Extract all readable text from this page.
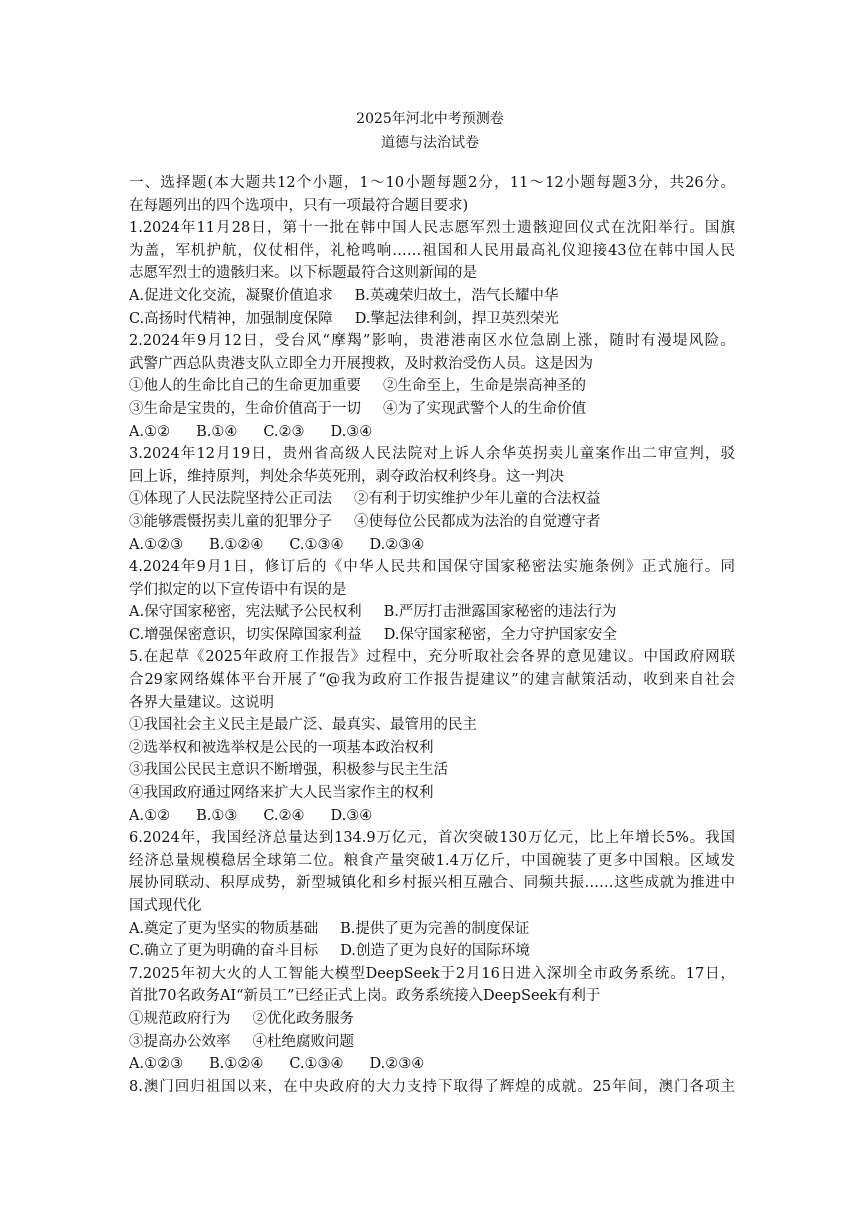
2025年河北中考预测卷
道德与法治试卷
一、选择题(本大题共12个小题，1～10小题每题2分，11～12小题每题3分，共26分。
在每题列出的四个选项中，只有一项最符合题目要求)
1.2024年11月28日，第十一批在韩中国人民志愿军烈士遗骸迎回仪式在沈阳举行。国旗
为盖，军机护航，仪仗相伴，礼枪鸣响……祖国和人民用最高礼仪迎接43位在韩中国人民
志愿军烈士的遗骸归来。以下标题最符合这则新闻的是
A.促进文化交流，凝聚价值追求 B.英魂荣归故土，浩气长耀中华
C.高扬时代精神，加强制度保障 D.擎起法律利剑，捍卫英烈荣光
2.2024年9月12日，受台风“摩羯”影响，贵港港南区水位急剧上涨，随时有漫堤风险。
武警广西总队贵港支队立即全力开展搜救，及时救治受伤人员。这是因为
①他人的生命比自己的生命更加重要 ②生命至上，生命是崇高神圣的
③生命是宝贵的，生命价值高于一切 ④为了实现武警个人的生命价值
A.①② B.①④ C.②③ D.③④
3.2024年12月19日，贵州省高级人民法院对上诉人余华英拐卖儿童案作出二审宣判，驳
回上诉，维持原判，判处余华英死刑，剥夺政治权利终身。这一判决
①体现了人民法院坚持公正司法 ②有利于切实维护少年儿童的合法权益
③能够震慑拐卖儿童的犯罪分子 ④使每位公民都成为法治的自觉遵守者
A.①②③ B.①②④ C.①③④ D.②③④
4.2024年9月1日，修订后的《中华人民共和国保守国家秘密法实施条例》正式施行。同
学们拟定的以下宣传语中有误的是
A.保守国家秘密，宪法赋予公民权利 B.严厉打击泄露国家秘密的违法行为
C.增强保密意识，切实保障国家利益 D.保守国家秘密，全力守护国家安全
5.在起草《2025年政府工作报告》过程中，充分听取社会各界的意见建议。中国政府网联
合29家网络媒体平台开展了“@我为政府工作报告提建议”的建言献策活动，收到来自社会
各界大量建议。这说明
①我国社会主义民主是最广泛、最真实、最管用的民主
②选举权和被选举权是公民的一项基本政治权利
③我国公民民主意识不断增强，积极参与民主生活
④我国政府通过网络来扩大人民当家作主的权利
A.①② B.①③ C.②④ D.③④
6.2024年，我国经济总量达到134.9万亿元，首次突破130万亿元，比上年增长5%。我国
经济总量规模稳居全球第二位。粮食产量突破1.4万亿斤，中国碗装了更多中国粮。区域发
展协同联动、积厚成势，新型城镇化和乡村振兴相互融合、同频共振……这些成就为推进中
国式现代化
A.奠定了更为坚实的物质基础 B.提供了更为完善的制度保证
C.确立了更为明确的奋斗目标 D.创造了更为良好的国际环境
7.2025年初大火的人工智能大模型DeepSeek于2月16日进入深圳全市政务系统。17日，
首批70名政务AI“新员工”已经正式上岗。政务系统接入DeepSeek有利于
①规范政府行为 ②优化政务服务
③提高办公效率 ④杜绝腐败问题
A.①②③ B.①②④ C.①③④ D.②③④
8.澳门回归祖国以来，在中央政府的大力支持下取得了辉煌的成就。25年间，澳门各项主
